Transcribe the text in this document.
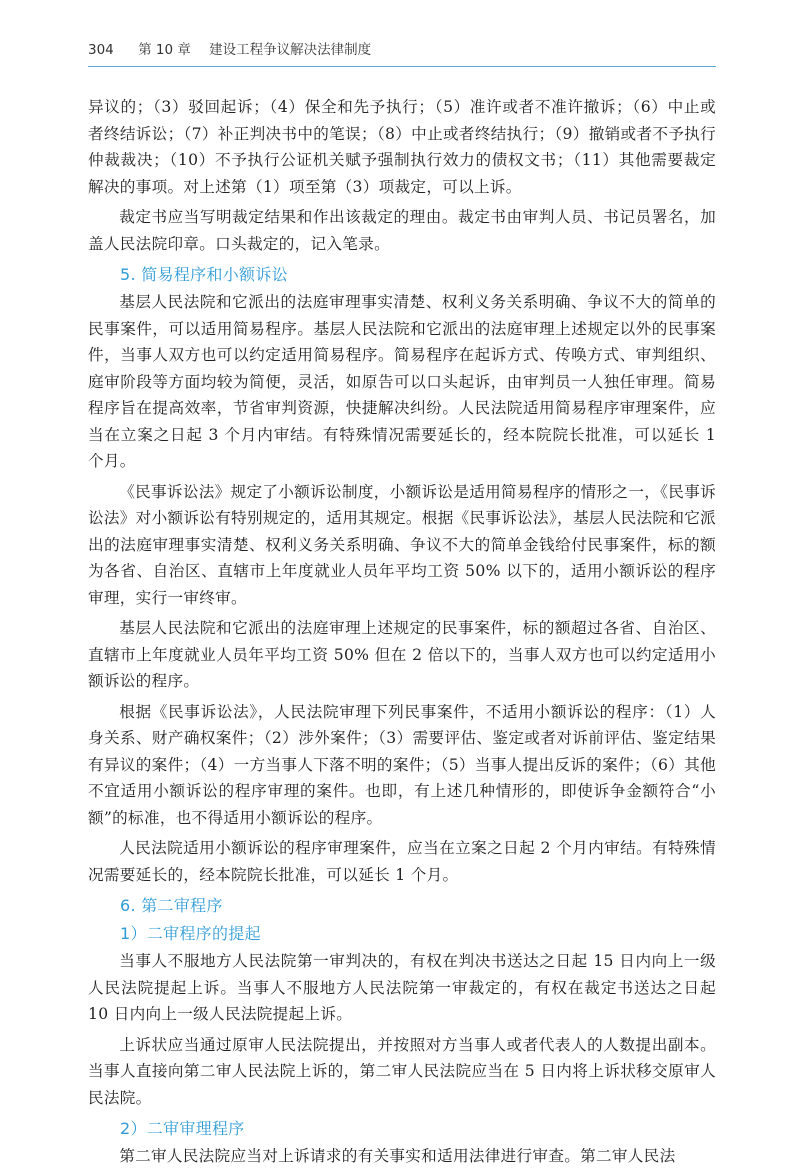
304 第 10 章 建设工程争议解决法律制度

异议的；（3）驳回起诉；（4）保全和先予执行；（5）准许或者不准许撤诉；（6）中止或者终结诉讼；（7）补正判决书中的笔误；（8）中止或者终结执行；（9）撤销或者不予执行仲裁裁决；（10）不予执行公证机关赋予强制执行效力的债权文书；（11）其他需要裁定解决的事项。对上述第（1）项至第（3）项裁定，可以上诉。

裁定书应当写明裁定结果和作出该裁定的理由。裁定书由审判人员、书记员署名，加盖人民法院印章。口头裁定的，记入笔录。

5. 简易程序和小额诉讼

基层人民法院和它派出的法庭审理事实清楚、权利义务关系明确、争议不大的简单的民事案件，可以适用简易程序。基层人民法院和它派出的法庭审理上述规定以外的民事案件，当事人双方也可以约定适用简易程序。简易程序在起诉方式、传唤方式、审判组织、庭审阶段等方面均较为简便，灵活，如原告可以口头起诉，由审判员一人独任审理。简易程序旨在提高效率，节省审判资源，快捷解决纠纷。人民法院适用简易程序审理案件，应当在立案之日起 3 个月内审结。有特殊情况需要延长的，经本院院长批准，可以延长 1 个月。

《民事诉讼法》规定了小额诉讼制度，小额诉讼是适用简易程序的情形之一，《民事诉讼法》对小额诉讼有特别规定的，适用其规定。根据《民事诉讼法》，基层人民法院和它派出的法庭审理事实清楚、权利义务关系明确、争议不大的简单金钱给付民事案件，标的额为各省、自治区、直辖市上年度就业人员年平均工资 50% 以下的，适用小额诉讼的程序审理，实行一审终审。

基层人民法院和它派出的法庭审理上述规定的民事案件，标的额超过各省、自治区、直辖市上年度就业人员年平均工资 50% 但在 2 倍以下的，当事人双方也可以约定适用小额诉讼的程序。

根据《民事诉讼法》，人民法院审理下列民事案件，不适用小额诉讼的程序：（1）人身关系、财产确权案件；（2）涉外案件；（3）需要评估、鉴定或者对诉前评估、鉴定结果有异议的案件；（4）一方当事人下落不明的案件；（5）当事人提出反诉的案件；（6）其他不宜适用小额诉讼的程序审理的案件。也即，有上述几种情形的，即使诉争金额符合“小额”的标准，也不得适用小额诉讼的程序。

人民法院适用小额诉讼的程序审理案件，应当在立案之日起 2 个月内审结。有特殊情况需要延长的，经本院院长批准，可以延长 1 个月。

6. 第二审程序
1）二审程序的提起

当事人不服地方人民法院第一审判决的，有权在判决书送达之日起 15 日内向上一级人民法院提起上诉。当事人不服地方人民法院第一审裁定的，有权在裁定书送达之日起 10 日内向上一级人民法院提起上诉。

上诉状应当通过原审人民法院提出，并按照对方当事人或者代表人的人数提出副本。当事人直接向第二审人民法院上诉的，第二审人民法院应当在 5 日内将上诉状移交原审人民法院。

2）二审审理程序

第二审人民法院应当对上诉请求的有关事实和适用法律进行审查。第二审人民法
